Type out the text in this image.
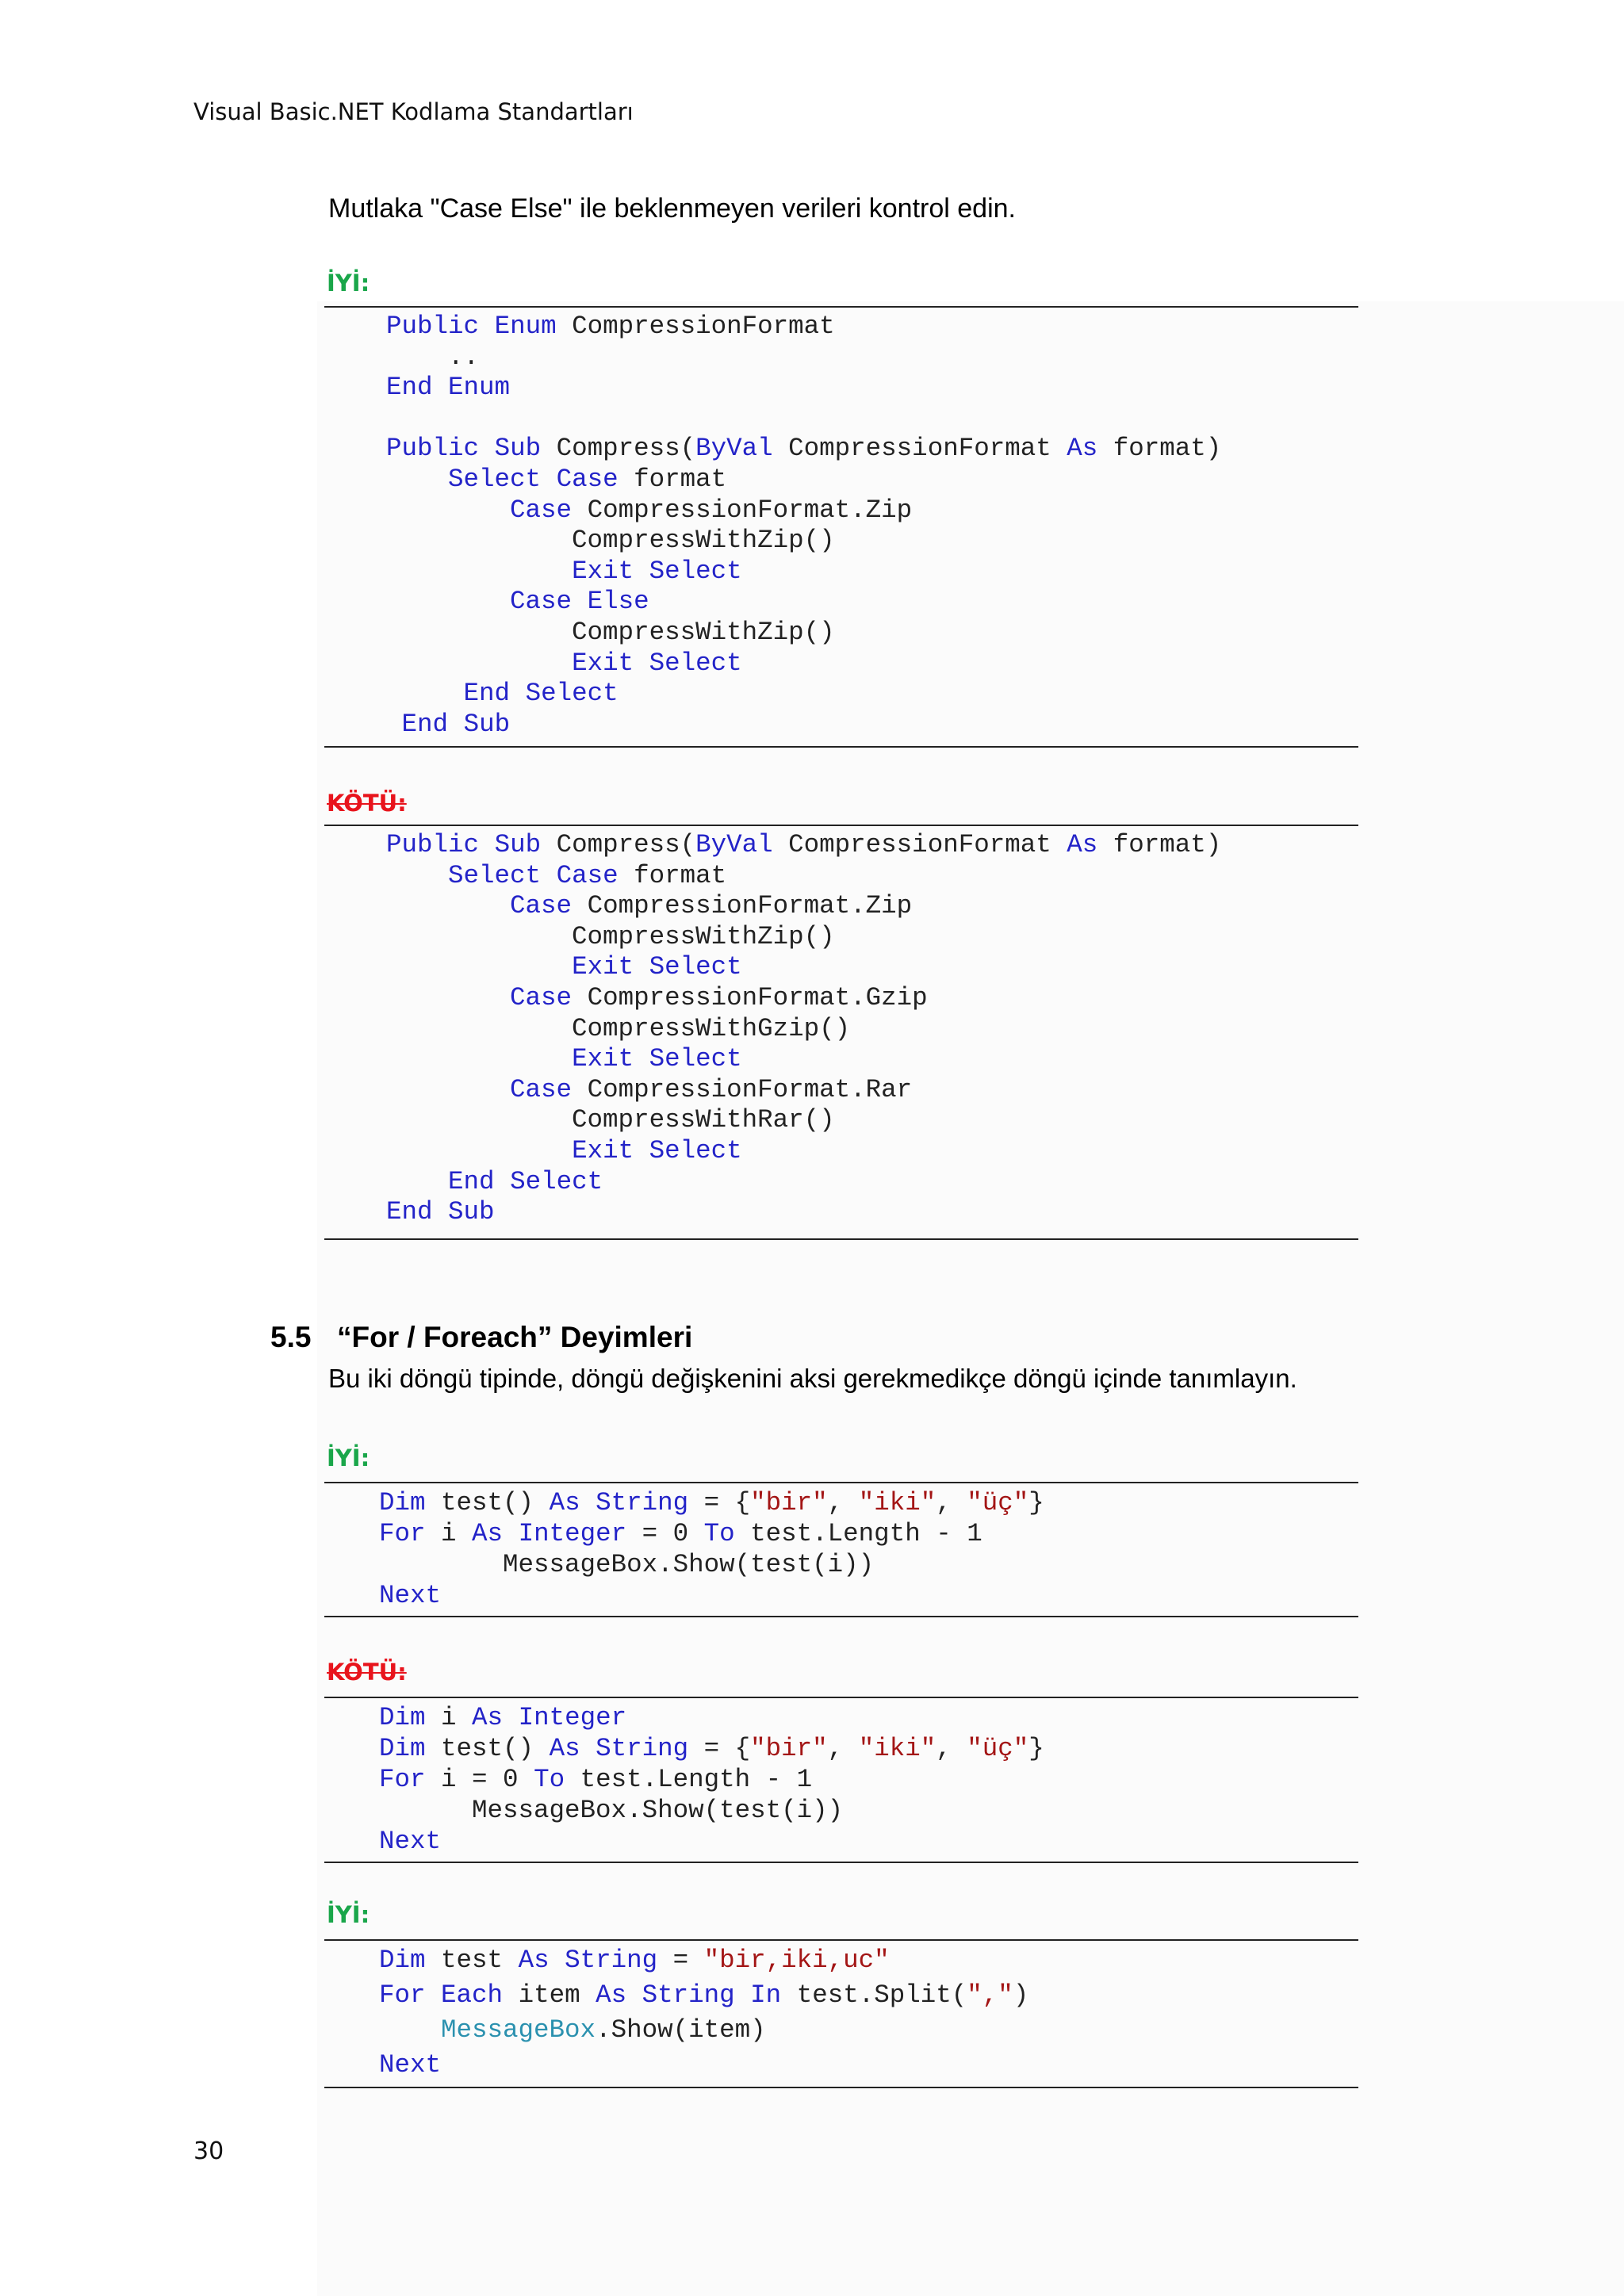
Visual Basic.NET Kodlama Standartları
Mutlaka "Case Else" ile beklenmeyen verileri kontrol edin.
İYİ:
Public Enum CompressionFormat
..
End Enum

Public Sub Compress(ByVal CompressionFormat As format)
Select Case format
Case CompressionFormat.Zip
CompressWithZip()
Exit Select
Case Else
CompressWithZip()
Exit Select
End Select
End Sub
KÖTÜ:
Public Sub Compress(ByVal CompressionFormat As format)
Select Case format
Case CompressionFormat.Zip
CompressWithZip()
Exit Select
Case CompressionFormat.Gzip
CompressWithGzip()
Exit Select
Case CompressionFormat.Rar
CompressWithRar()
Exit Select
End Select
End Sub
5.5 “For / Foreach” Deyimleri
Bu iki döngü tipinde, döngü değişkenini aksi gerekmedikçe döngü içinde tanımlayın.
İYİ:
Dim test() As String = {"bir", "iki", "üç"}
For i As Integer = 0 To test.Length - 1
MessageBox.Show(test(i))
Next
KÖTÜ:
Dim i As Integer
Dim test() As String = {"bir", "iki", "üç"}
For i = 0 To test.Length - 1
MessageBox.Show(test(i))
Next
İYİ:
Dim test As String = "bir,iki,uc"
For Each item As String In test.Split(",")
MessageBox.Show(item)
Next
30
